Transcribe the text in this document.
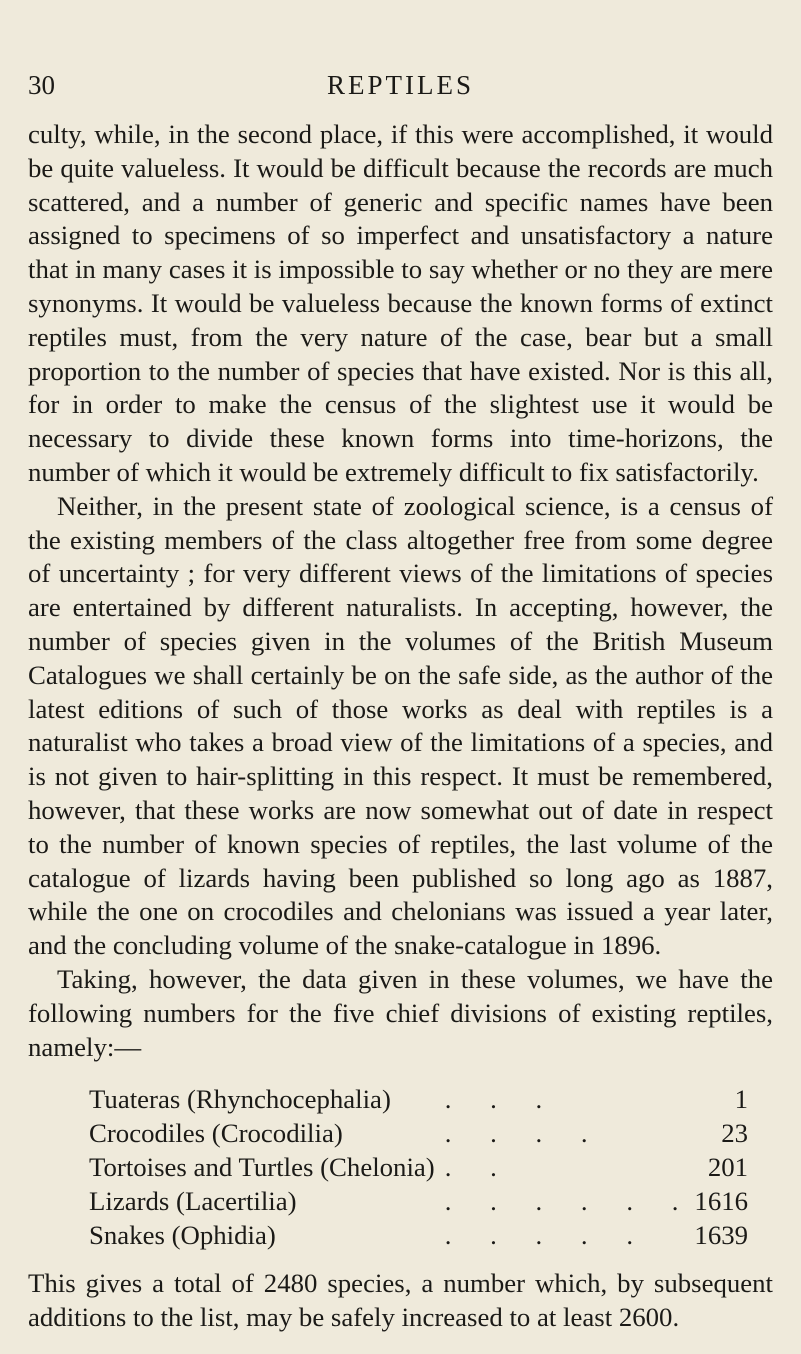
30	REPTILES

culty, while, in the second place, if this were accomplished, it would be quite valueless. It would be difficult because the records are much scattered, and a number of generic and specific names have been assigned to specimens of so imperfect and unsatisfactory a nature that in many cases it is impossible to say whether or no they are mere synonyms. It would be valueless because the known forms of extinct reptiles must, from the very nature of the case, bear but a small proportion to the number of species that have existed. Nor is this all, for in order to make the census of the slightest use it would be necessary to divide these known forms into time-horizons, the number of which it would be extremely difficult to fix satisfactorily.

Neither, in the present state of zoological science, is a census of the existing members of the class altogether free from some degree of uncertainty ; for very different views of the limitations of species are entertained by different naturalists. In accepting, however, the number of species given in the volumes of the British Museum Catalogues we shall certainly be on the safe side, as the author of the latest editions of such of those works as deal with reptiles is a naturalist who takes a broad view of the limitations of a species, and is not given to hair-splitting in this respect. It must be remembered, however, that these works are now somewhat out of date in respect to the number of known species of reptiles, the last volume of the catalogue of lizards having been published so long ago as 1887, while the one on crocodiles and chelonians was issued a year later, and the concluding volume of the snake-catalogue in 1896.

Taking, however, the data given in these volumes, we have the following numbers for the five chief divisions of existing reptiles, namely:—

Tuateras (Rhynchocephalia)	. . .	1
Crocodiles (Crocodilia)	. . . .	23
Tortoises and Turtles (Chelonia)	. .	201
Lizards (Lacertilia)	. . . . . .	1616
Snakes (Ophidia)	. . . . .	1639

This gives a total of 2480 species, a number which, by subsequent additions to the list, may be safely increased to at least 2600.
